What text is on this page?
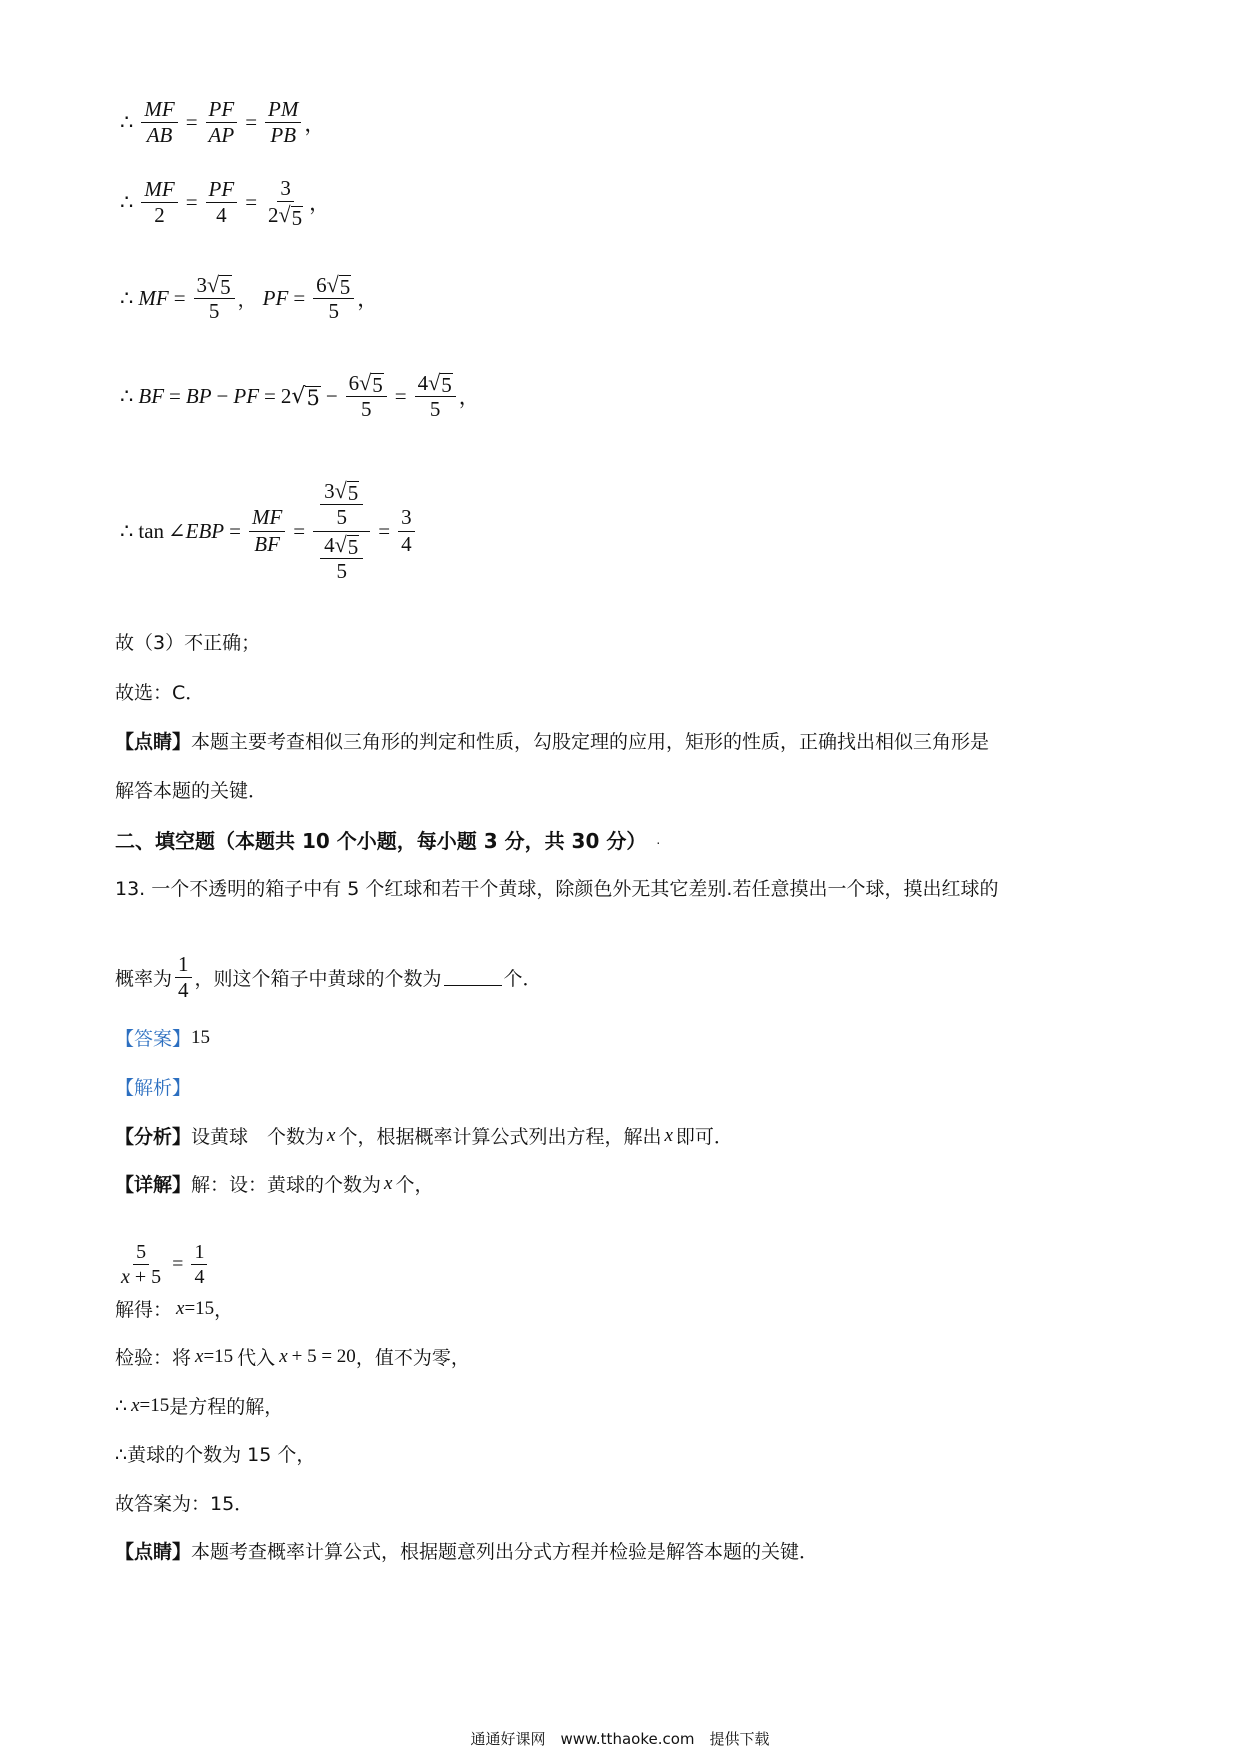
∴ $\frac{MF}{AB} = \frac{PF}{AP} = \frac{PM}{PB}$ ，
∴ $\frac{MF}{2} = \frac{PF}{4} = \frac{3}{2 √ 5}$ ，
∴ MF = $\frac{3 √ 5}{5}$ ， PF = $\frac{6 √ 5}{5}$ ，
∴ BF = BP − PF = 2 √ $5 - \frac{6 √ 5}{5} = \frac{4 √ 5}{5}$ ，
∴ tan ∠EBP = $\frac{MF}{BF} = \frac{\frac{3 √ 5}{5}}{\frac{4 √ 5}{5}} = \frac{3}{4}$
故（3）不正确；
故选：C．
【点睛】 本题主要考查相似三角形的判定和性质，勾股定理的应用，矩形的性质，正确找出相似三角形是
解答本题的关键．
二、填空题（本题共 10 个小题，每小题 3 分，共 30 分） .
13. 一个不透明的箱子中有 5 个红球和若干个黄球，除颜色外无其它差别.若任意摸出一个球，摸出红球的
概率为 $\frac{1}{4}$ ，则这个箱子中黄球的个数为	个．
【答案】 15
【解析】
【分析】 设黄球　个数为 x 个，根据概率计算公式列出方程，解出 x 即可．
【详解】 解：设：黄球的个数为 x 个，
$\frac{5}{x + 5} = \frac{1}{4}$
解得： x =15 ，
检验：将 x =15 代入 x + 5 = 20 ，值不为零，
∴ x =15 是方程的解，
∴黄球的个数为 15 个，
故答案为：15．
【点睛】 本题考查概率计算公式，根据题意列出分式方程并检验是解答本题的关键．
通通好课网　www.tthaoke.com　提供下载
